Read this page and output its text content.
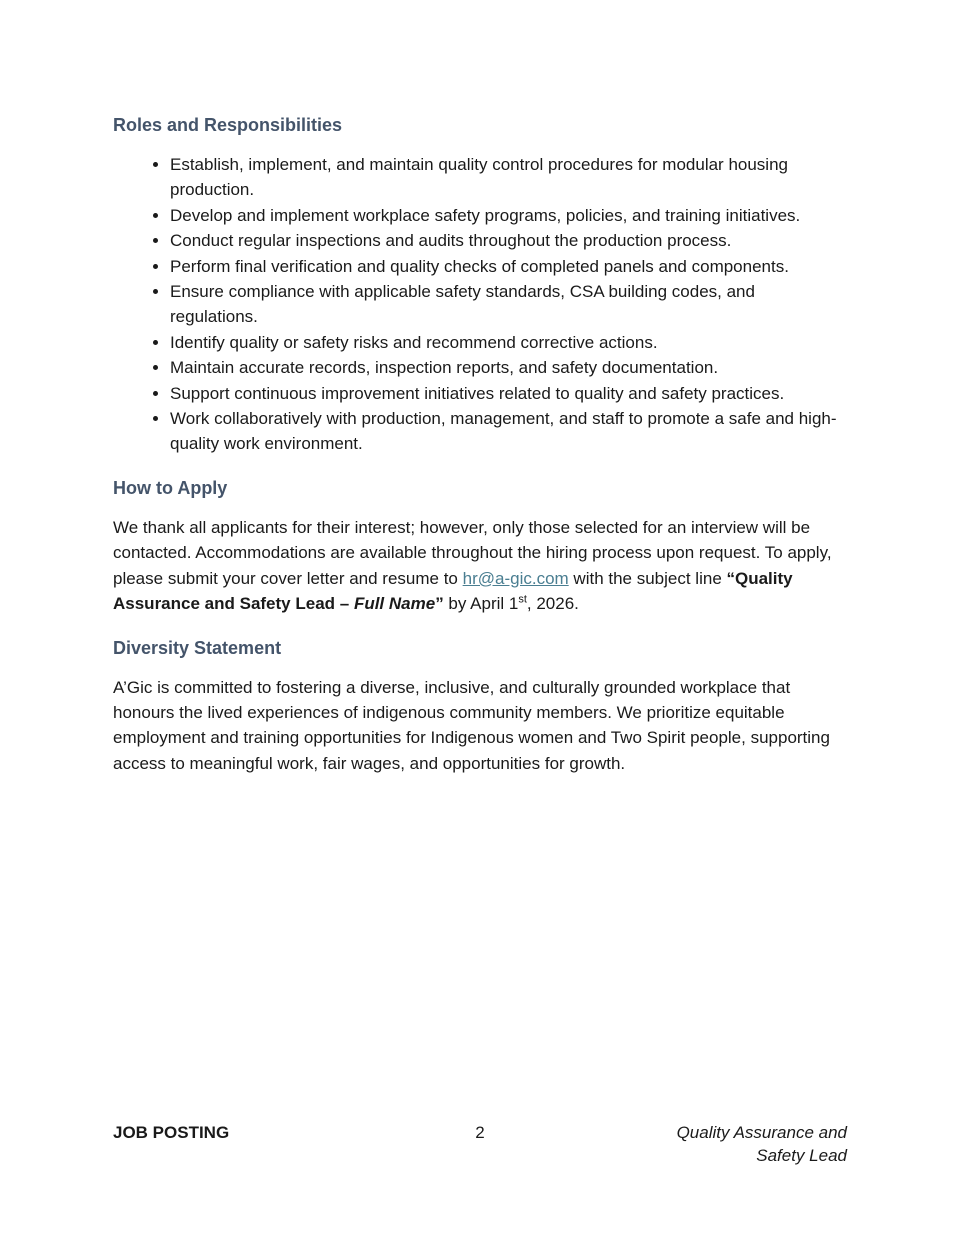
Roles and Responsibilities
• Establish, implement, and maintain quality control procedures for modular housing production.
• Develop and implement workplace safety programs, policies, and training initiatives.
• Conduct regular inspections and audits throughout the production process.
• Perform final verification and quality checks of completed panels and components.
• Ensure compliance with applicable safety standards, CSA building codes, and regulations.
• Identify quality or safety risks and recommend corrective actions.
• Maintain accurate records, inspection reports, and safety documentation.
• Support continuous improvement initiatives related to quality and safety practices.
• Work collaboratively with production, management, and staff to promote a safe and high-quality work environment.
How to Apply

We thank all applicants for their interest; however, only those selected for an interview will be contacted. Accommodations are available throughout the hiring process upon request. To apply, please submit your cover letter and resume to hr@a-gic.com with the subject line “Quality Assurance and Safety Lead – Full Name” by April 1st, 2026.

Diversity Statement

A’Gic is committed to fostering a diverse, inclusive, and culturally grounded workplace that honours the lived experiences of indigenous community members. We prioritize equitable employment and training opportunities for Indigenous women and Two Spirit people, supporting access to meaningful work, fair wages, and opportunities for growth.

JOB POSTING	2	Quality Assurance and Safety Lead
